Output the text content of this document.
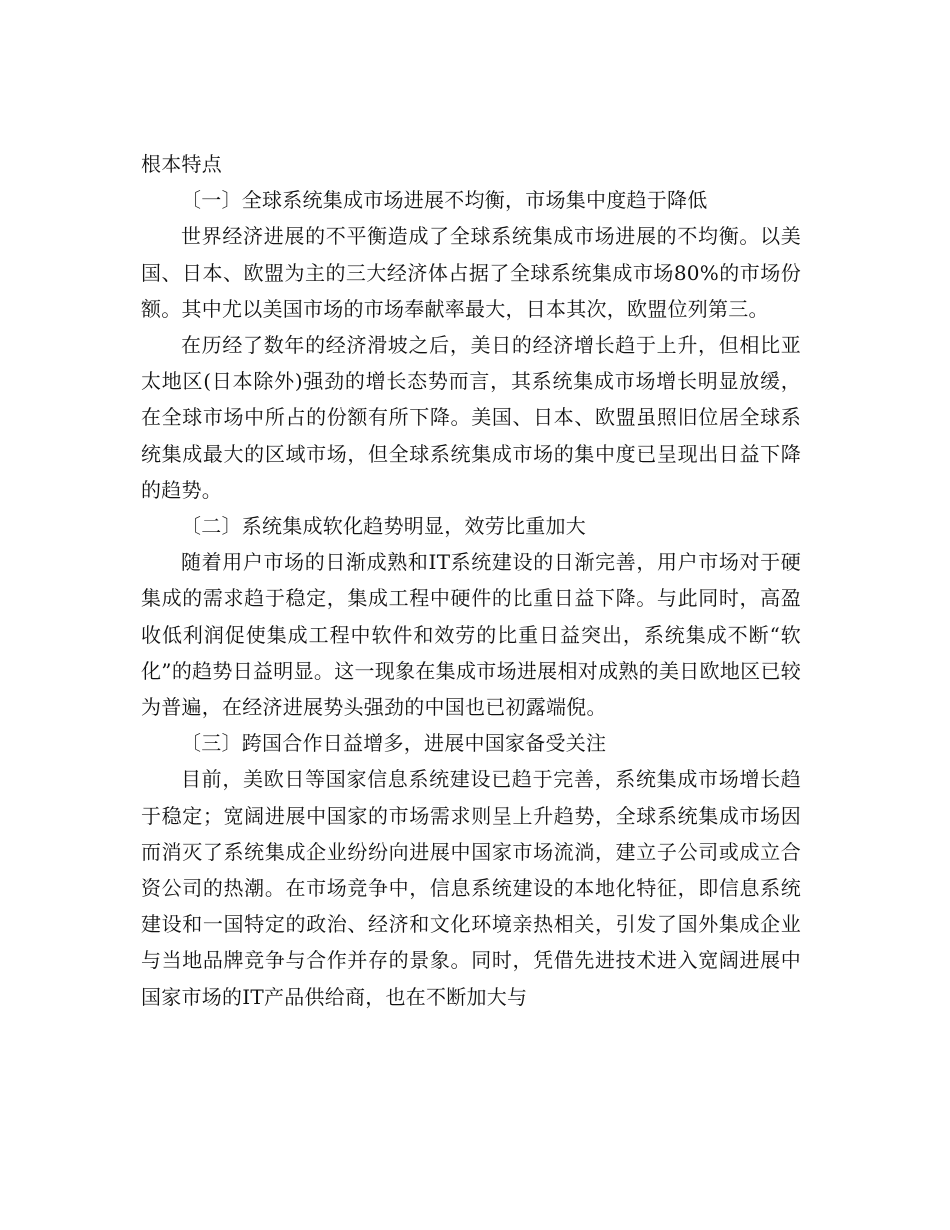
根本特点
〔一〕全球系统集成市场进展不均衡，市场集中度趋于降低

世界经济进展的不平衡造成了全球系统集成市场进展的不均衡。以美国、日本、欧盟为主的三大经济体占据了全球系统集成市场80%的市场份额。其中尤以美国市场的市场奉献率最大，日本其次，欧盟位列第三。

在历经了数年的经济滑坡之后，美日的经济增长趋于上升，但相比亚太地区(日本除外)强劲的增长态势而言，其系统集成市场增长明显放缓，在全球市场中所占的份额有所下降。美国、日本、欧盟虽照旧位居全球系统集成最大的区域市场，但全球系统集成市场的集中度已呈现出日益下降的趋势。

〔二〕系统集成软化趋势明显，效劳比重加大

随着用户市场的日渐成熟和IT系统建设的日渐完善，用户市场对于硬集成的需求趋于稳定，集成工程中硬件的比重日益下降。与此同时，高盈收低利润促使集成工程中软件和效劳的比重日益突出，系统集成不断“软化”的趋势日益明显。这一现象在集成市场进展相对成熟的美日欧地区已较为普遍，在经济进展势头强劲的中国也已初露端倪。

〔三〕跨国合作日益增多，进展中国家备受关注

目前，美欧日等国家信息系统建设已趋于完善，系统集成市场增长趋于稳定；宽阔进展中国家的市场需求则呈上升趋势，全球系统集成市场因而消灭了系统集成企业纷纷向进展中国家市场流淌，建立子公司或成立合资公司的热潮。在市场竞争中，信息系统建设的本地化特征，即信息系统建设和一国特定的政治、经济和文化环境亲热相关，引发了国外集成企业与当地品牌竞争与合作并存的景象。同时，凭借先进技术进入宽阔进展中国家市场的IT产品供给商，也在不断加大与
